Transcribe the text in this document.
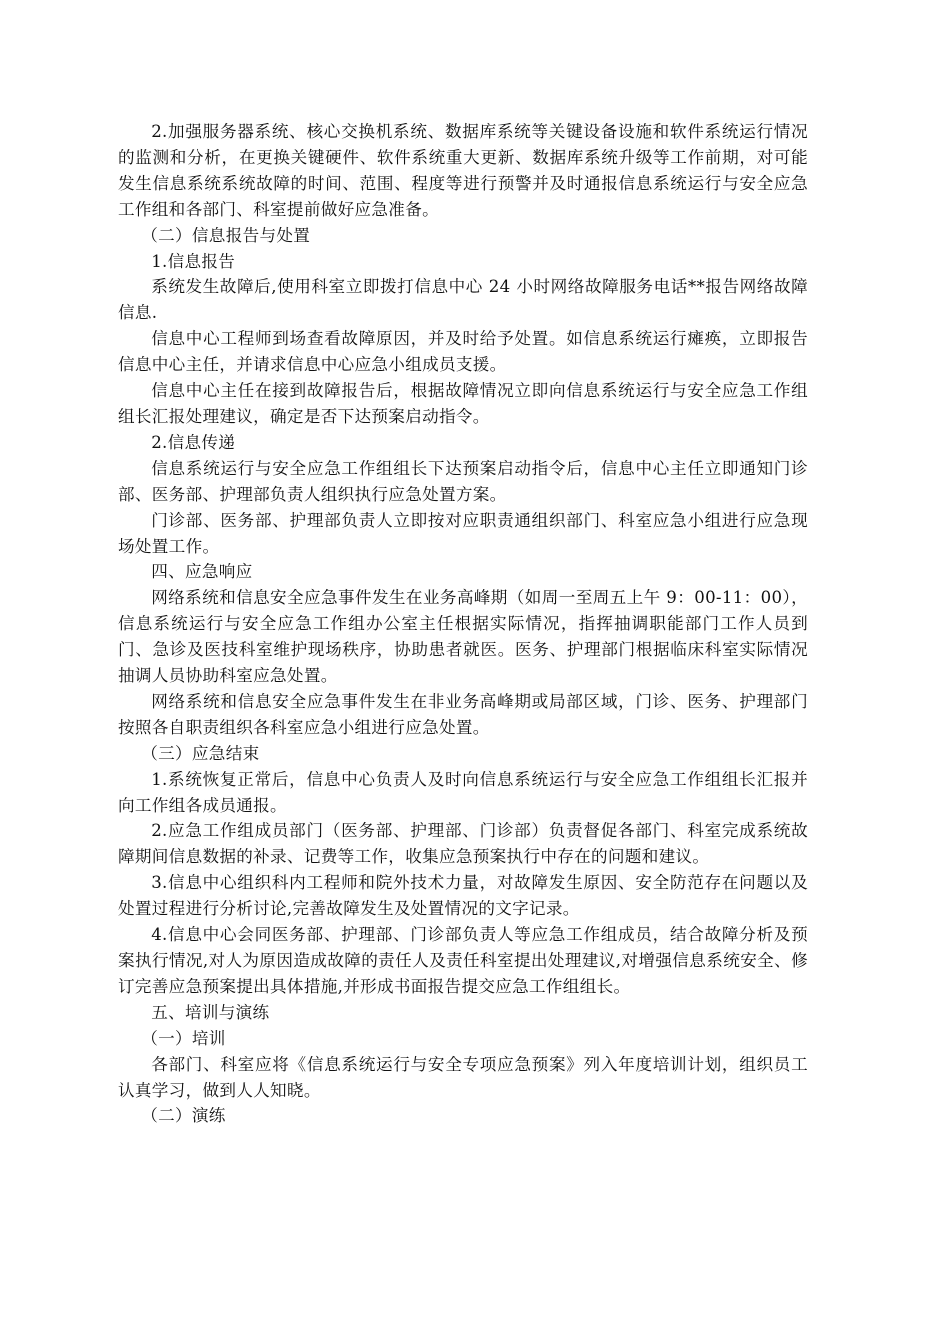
2.加强服务器系统、核心交换机系统、数据库系统等关键设备设施和软件系统运行情况的监测和分析，在更换关键硬件、软件系统重大更新、数据库系统升级等工作前期，对可能发生信息系统系统故障的时间、范围、程度等进行预警并及时通报信息系统运行与安全应急工作组和各部门、科室提前做好应急准备。

（二）信息报告与处置

1.信息报告

系统发生故障后,使用科室立即拨打信息中心 24 小时网络故障服务电话**报告网络故障信息.

信息中心工程师到场查看故障原因，并及时给予处置。如信息系统运行瘫痪，立即报告信息中心主任，并请求信息中心应急小组成员支援。

信息中心主任在接到故障报告后，根据故障情况立即向信息系统运行与安全应急工作组组长汇报处理建议，确定是否下达预案启动指令。

2.信息传递

信息系统运行与安全应急工作组组长下达预案启动指令后，信息中心主任立即通知门诊部、医务部、护理部负责人组织执行应急处置方案。

门诊部、医务部、护理部负责人立即按对应职责通组织部门、科室应急小组进行应急现场处置工作。

四、应急响应

网络系统和信息安全应急事件发生在业务高峰期（如周一至周五上午 9：00-11：00），信息系统运行与安全应急工作组办公室主任根据实际情况，指挥抽调职能部门工作人员到门、急诊及医技科室维护现场秩序，协助患者就医。医务、护理部门根据临床科室实际情况抽调人员协助科室应急处置。

网络系统和信息安全应急事件发生在非业务高峰期或局部区域，门诊、医务、护理部门按照各自职责组织各科室应急小组进行应急处置。

（三）应急结束

1.系统恢复正常后，信息中心负责人及时向信息系统运行与安全应急工作组组长汇报并向工作组各成员通报。

2.应急工作组成员部门（医务部、护理部、门诊部）负责督促各部门、科室完成系统故障期间信息数据的补录、记费等工作，收集应急预案执行中存在的问题和建议。

3.信息中心组织科内工程师和院外技术力量，对故障发生原因、安全防范存在问题以及处置过程进行分析讨论,完善故障发生及处置情况的文字记录。

4.信息中心会同医务部、护理部、门诊部负责人等应急工作组成员，结合故障分析及预案执行情况,对人为原因造成故障的责任人及责任科室提出处理建议,对增强信息系统安全、修订完善应急预案提出具体措施,并形成书面报告提交应急工作组组长。

五、培训与演练

（一）培训

各部门、科室应将《信息系统运行与安全专项应急预案》列入年度培训计划，组织员工认真学习，做到人人知晓。

（二）演练
